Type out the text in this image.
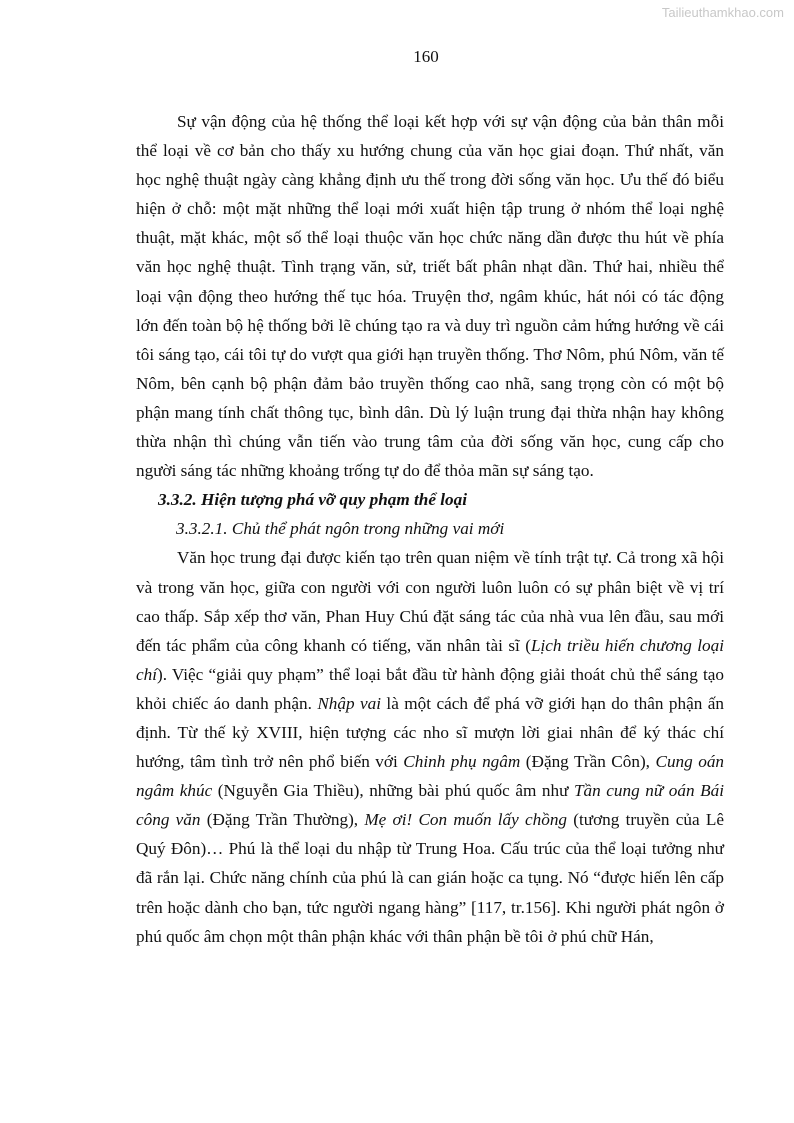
Tailieuthamkhao.com
160

Sự vận động của hệ thống thể loại kết hợp với sự vận động của bản thân mỗi thể loại về cơ bản cho thấy xu hướng chung của văn học giai đoạn. Thứ nhất, văn học nghệ thuật ngày càng khẳng định ưu thế trong đời sống văn học. Ưu thế đó biểu hiện ở chỗ: một mặt những thể loại mới xuất hiện tập trung ở nhóm thể loại nghệ thuật, mặt khác, một số thể loại thuộc văn học chức năng dần được thu hút về phía văn học nghệ thuật. Tình trạng văn, sử, triết bất phân nhạt dần. Thứ hai, nhiều thể loại vận động theo hướng thế tục hóa. Truyện thơ, ngâm khúc, hát nói có tác động lớn đến toàn bộ hệ thống bởi lẽ chúng tạo ra và duy trì nguồn cảm hứng hướng về cái tôi sáng tạo, cái tôi tự do vượt qua giới hạn truyền thống. Thơ Nôm, phú Nôm, văn tế Nôm, bên cạnh bộ phận đảm bảo truyền thống cao nhã, sang trọng còn có một bộ phận mang tính chất thông tục, bình dân. Dù lý luận trung đại thừa nhận hay không thừa nhận thì chúng vẫn tiến vào trung tâm của đời sống văn học, cung cấp cho người sáng tác những khoảng trống tự do để thỏa mãn sự sáng tạo.

3.3.2. Hiện tượng phá vỡ quy phạm thể loại

3.3.2.1. Chủ thể phát ngôn trong những vai mới

Văn học trung đại được kiến tạo trên quan niệm về tính trật tự. Cả trong xã hội và trong văn học, giữa con người với con người luôn luôn có sự phân biệt về vị trí cao thấp. Sắp xếp thơ văn, Phan Huy Chú đặt sáng tác của nhà vua lên đầu, sau mới đến tác phẩm của công khanh có tiếng, văn nhân tài sĩ (Lịch triều hiến chương loại chí). Việc “giải quy phạm” thể loại bắt đầu từ hành động giải thoát chủ thể sáng tạo khỏi chiếc áo danh phận. Nhập vai là một cách để phá vỡ giới hạn do thân phận ấn định. Từ thế kỷ XVIII, hiện tượng các nho sĩ mượn lời giai nhân để ký thác chí hướng, tâm tình trở nên phổ biến với Chinh phụ ngâm (Đặng Trần Côn), Cung oán ngâm khúc (Nguyễn Gia Thiều), những bài phú quốc âm như Tần cung nữ oán Bái công văn (Đặng Trần Thường), Mẹ ơi! Con muốn lấy chồng (tương truyền của Lê Quý Đôn)… Phú là thể loại du nhập từ Trung Hoa. Cấu trúc của thể loại tưởng như đã rắn lại. Chức năng chính của phú là can gián hoặc ca tụng. Nó “được hiến lên cấp trên hoặc dành cho bạn, tức người ngang hàng” [117, tr.156]. Khi người phát ngôn ở phú quốc âm chọn một thân phận khác với thân phận bề tôi ở phú chữ Hán,
